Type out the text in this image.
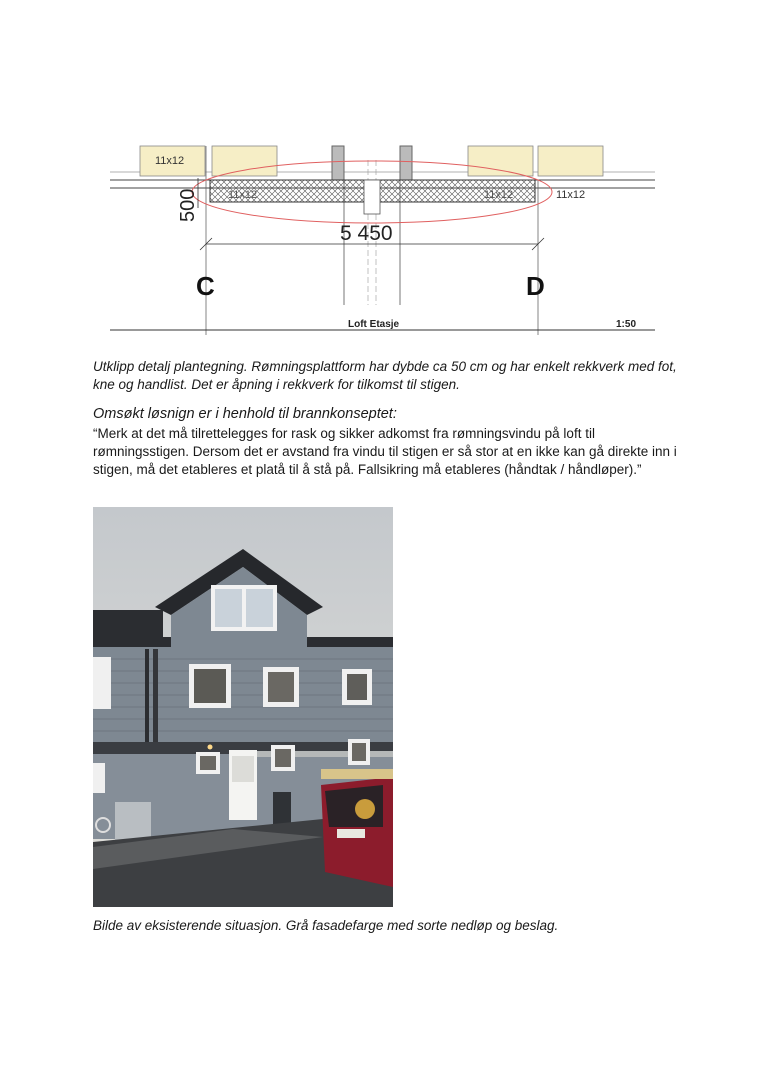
11x12
11x12	11x12	11x12
500
5 450
C	D
Loft Etasje	1:50
Utklipp detalj plantegning. Rømningsplattform har dybde ca 50 cm og har enkelt rekkverk med fot, kne og handlist. Det er åpning i rekkverk for tilkomst til stigen.
Omsøkt løsnign er i henhold til brannkonseptet:
“Merk at det må tilrettelegges for rask og sikker adkomst fra rømningsvindu på loft til rømningsstigen. Dersom det er avstand fra vindu til stigen er så stor at en ikke kan gå direkte inn i stigen, må det etableres et platå til å stå på. Fallsikring må etableres (håndtak / håndløper).”
Bilde av eksisterende situasjon. Grå fasadefarge med sorte nedløp og beslag.
